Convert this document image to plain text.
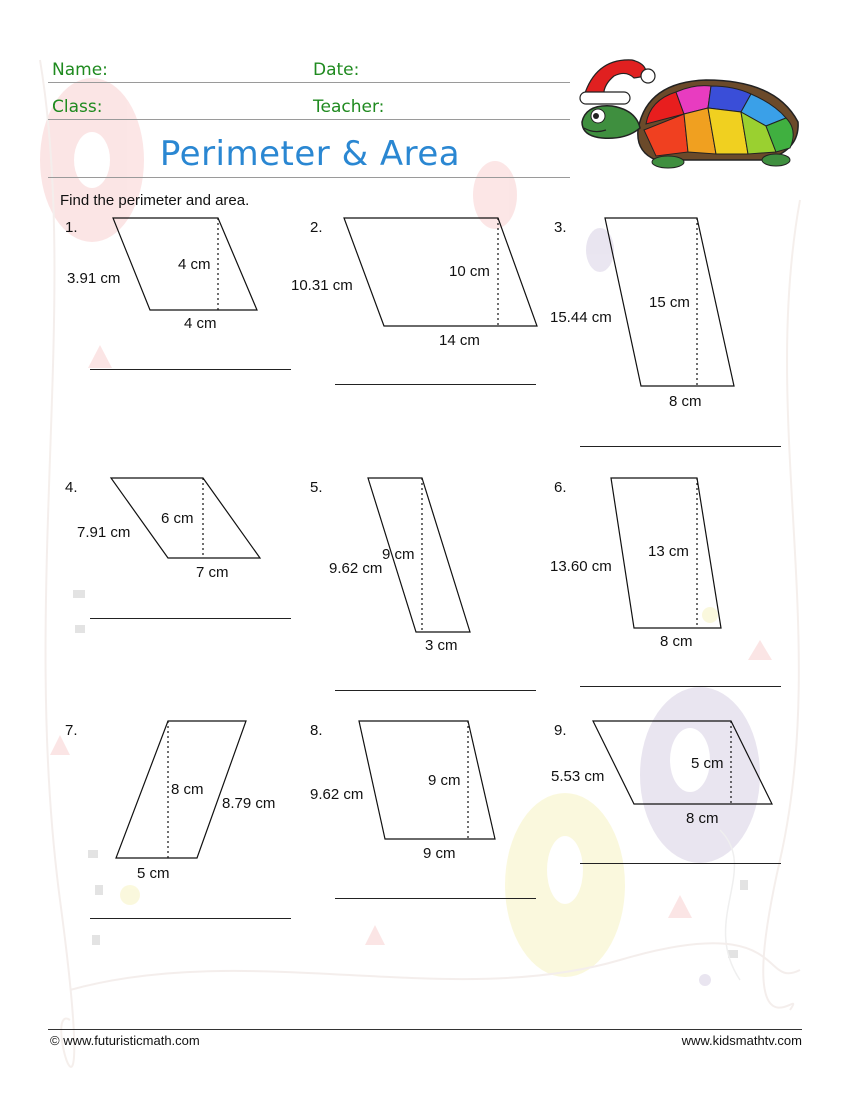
Name:	Date:
Class:	Teacher:
Perimeter & Area
Find the perimeter and area.
1.	2.	3.
4.	5.	6.
7.	8.	9.
3.91 cm
4 cm
4 cm
10.31 cm
10 cm
14 cm
15.44 cm
15 cm
8 cm
7.91 cm
6 cm
7 cm	9.62 cm
9 cm
3 cm
13.60 cm
13 cm
8 cm
8 cm
8.79 cm
5 cm
9.62 cm
9 cm
9 cm
5.53 cm
5 cm
8 cm
© www.futuristicmath.com	www.kidsmathtv.com
